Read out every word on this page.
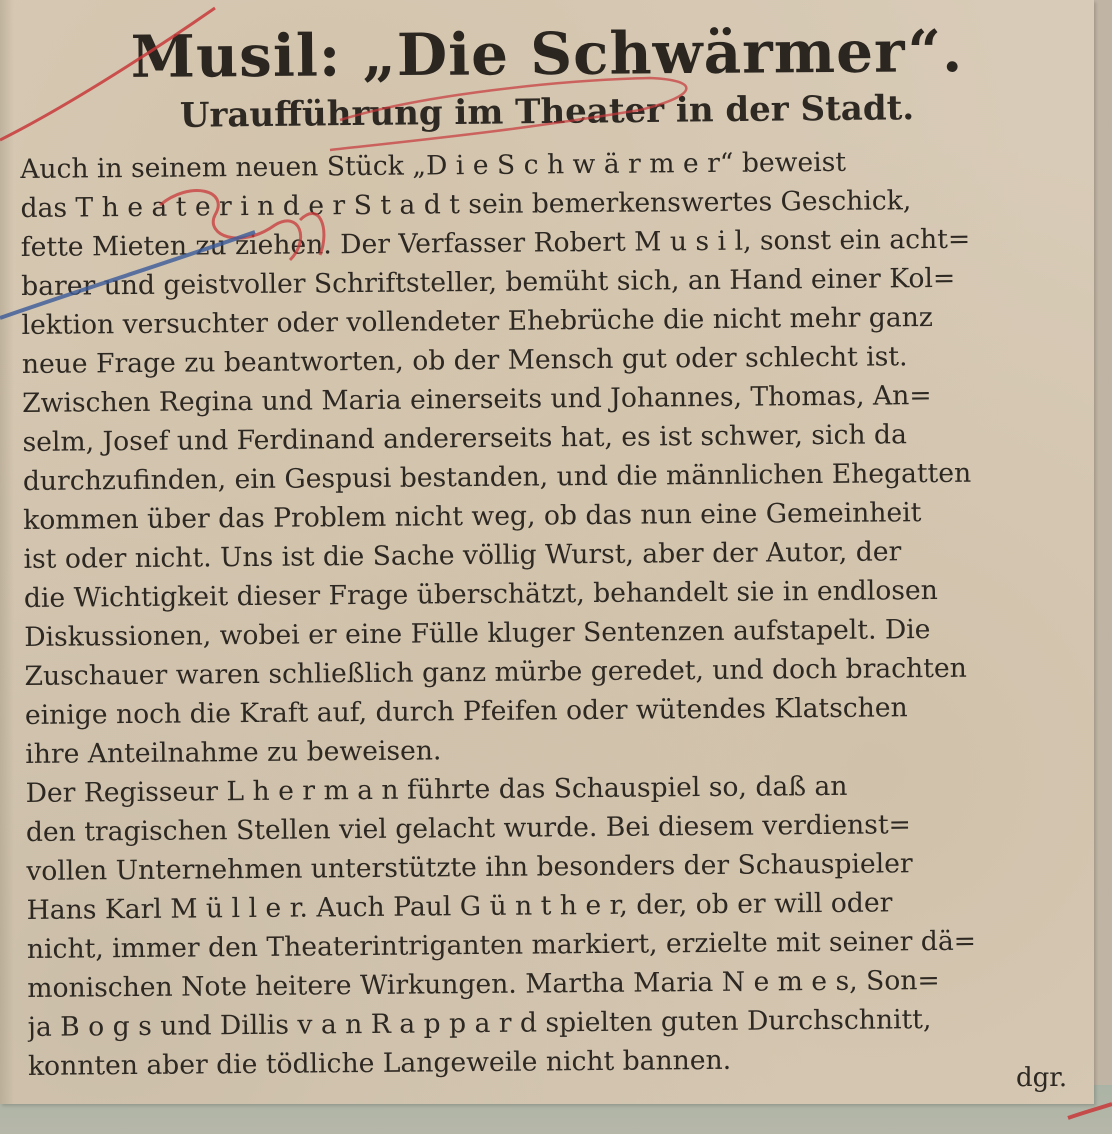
Musil: „Die Schwärmer“.
Uraufführung im Theater in der Stadt.
Auch in seinem neuen Stück „D i e S c h w ä r m e r“ beweist
das T h e a t e r i n d e r S t a d t sein bemerkenswertes Geschick,
fette Mieten zu ziehen. Der Verfasser Robert M u s i l, sonst ein acht=
barer und geistvoller Schriftsteller, bemüht sich, an Hand einer Kol=
lektion versuchter oder vollendeter Ehebrüche die nicht mehr ganz
neue Frage zu beantworten, ob der Mensch gut oder schlecht ist.
Zwischen Regina und Maria einerseits und Johannes, Thomas, An=
selm, Josef und Ferdinand andererseits hat, es ist schwer, sich da
durchzufinden, ein Gespusi bestanden, und die männlichen Ehegatten
kommen über das Problem nicht weg, ob das nun eine Gemeinheit
ist oder nicht. Uns ist die Sache völlig Wurst, aber der Autor, der
die Wichtigkeit dieser Frage überschätzt, behandelt sie in endlosen
Diskussionen, wobei er eine Fülle kluger Sentenzen aufstapelt. Die
Zuschauer waren schließlich ganz mürbe geredet, und doch brachten
einige noch die Kraft auf, durch Pfeifen oder wütendes Klatschen
ihre Anteilnahme zu beweisen.
Der Regisseur L h e r m a n führte das Schauspiel so, daß an
den tragischen Stellen viel gelacht wurde. Bei diesem verdienst=
vollen Unternehmen unterstützte ihn besonders der Schauspieler
Hans Karl M ü l l e r. Auch Paul G ü n t h e r, der, ob er will oder
nicht, immer den Theaterintriganten markiert, erzielte mit seiner dä=
monischen Note heitere Wirkungen. Martha Maria N e m e s, Son=
ja B o g s und Dillis v a n R a p p a r d spielten guten Durchschnitt,
konnten aber die tödliche Langeweile nicht bannen.	dgr.
